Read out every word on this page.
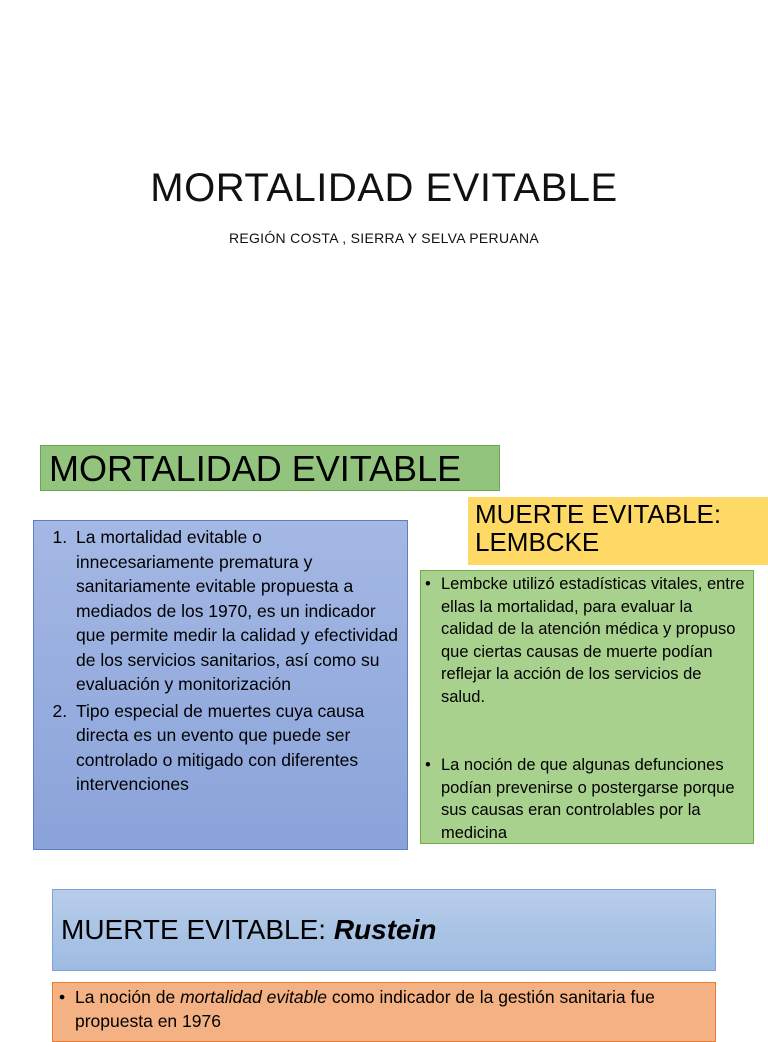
MORTALIDAD EVITABLE
REGIÓN COSTA , SIERRA Y SELVA PERUANA
MORTALIDAD EVITABLE
1. La mortalidad evitable o innecesariamente prematura y sanitariamente evitable propuesta a mediados de los 1970, es un indicador que permite medir la calidad y efectividad de los servicios sanitarios, así como su evaluación y monitorización
2. Tipo especial de muertes cuya causa directa es un evento que puede ser controlado o mitigado con diferentes intervenciones
MUERTE EVITABLE: LEMBCKE
• Lembcke utilizó estadísticas vitales, entre ellas la mortalidad, para evaluar la calidad de la atención médica y propuso que ciertas causas de muerte podían reflejar la acción de los servicios de salud.
• La noción de que algunas defunciones podían prevenirse o postergarse porque sus causas eran controlables por la medicina
MUERTE EVITABLE: Rustein
• La noción de mortalidad evitable como indicador de la gestión sanitaria fue propuesta en 1976
